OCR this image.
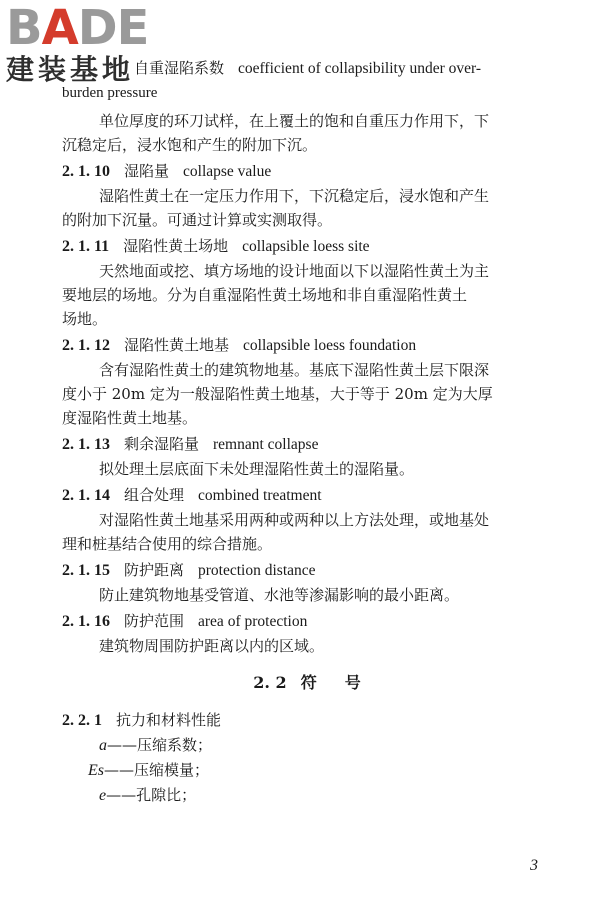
BADE
建装基地 自重湿陷系数 coefficient of collapsibility under over-
burden pressure
单位厚度的环刀试样，在上覆土的饱和自重压力作用下，下
沉稳定后，浸水饱和产生的附加下沉。
2. 1. 10 湿陷量 collapse value
湿陷性黄土在一定压力作用下，下沉稳定后，浸水饱和产生
的附加下沉量。可通过计算或实测取得。
2. 1. 11 湿陷性黄土场地 collapsible loess site
天然地面或挖、填方场地的设计地面以下以湿陷性黄土为主
要地层的场地。分为自重湿陷性黄土场地和非自重湿陷性黄土
场地。
2. 1. 12 湿陷性黄土地基 collapsible loess foundation
含有湿陷性黄土的建筑物地基。基底下湿陷性黄土层下限深
度小于 20m 定为一般湿陷性黄土地基，大于等于 20m 定为大厚
度湿陷性黄土地基。
2. 1. 13 剩余湿陷量 remnant collapse
拟处理土层底面下未处理湿陷性黄土的湿陷量。
2. 1. 14 组合处理 combined treatment
对湿陷性黄土地基采用两种或两种以上方法处理，或地基处
理和桩基结合使用的综合措施。
2. 1. 15 防护距离 protection distance
防止建筑物地基受管道、水池等渗漏影响的最小距离。
2. 1. 16 防护范围 area of protection
建筑物周围防护距离以内的区域。
2. 2 符 号
2. 2. 1 抗力和材料性能
a——压缩系数；
Es——压缩模量；
e——孔隙比；
3
